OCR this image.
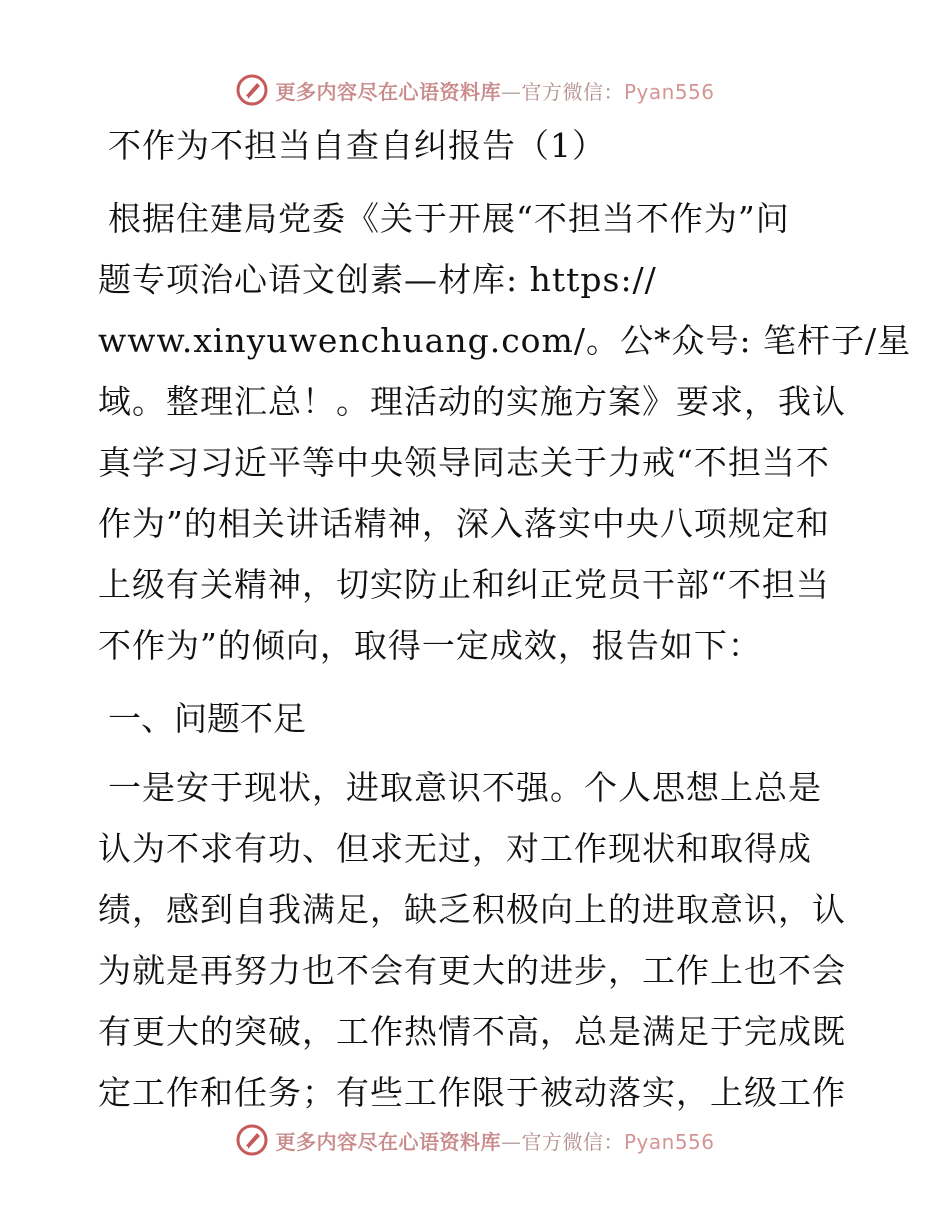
更多内容尽在心语资料库—官方微信：Pyan556
不作为不担当自查自纠报告（1）
根据住建局党委《关于开展“不担当不作为”问
题专项治心语文创素—材库: https://
www.xinyuwenchuang.com/。公*众号: 笔杆子/星
域。整理汇总！。理活动的实施方案》要求，我认
真学习习近平等中央领导同志关于力戒“不担当不
作为”的相关讲话精神，深入落实中央八项规定和
上级有关精神，切实防止和纠正党员干部“不担当
不作为”的倾向，取得一定成效，报告如下：
一、问题不足
一是安于现状，进取意识不强。个人思想上总是
认为不求有功、但求无过，对工作现状和取得成
绩，感到自我满足，缺乏积极向上的进取意识，认
为就是再努力也不会有更大的进步，工作上也不会
有更大的突破，工作热情不高，总是满足于完成既
定工作和任务；有些工作限于被动落实，上级工作
更多内容尽在心语资料库—官方微信：Pyan556
